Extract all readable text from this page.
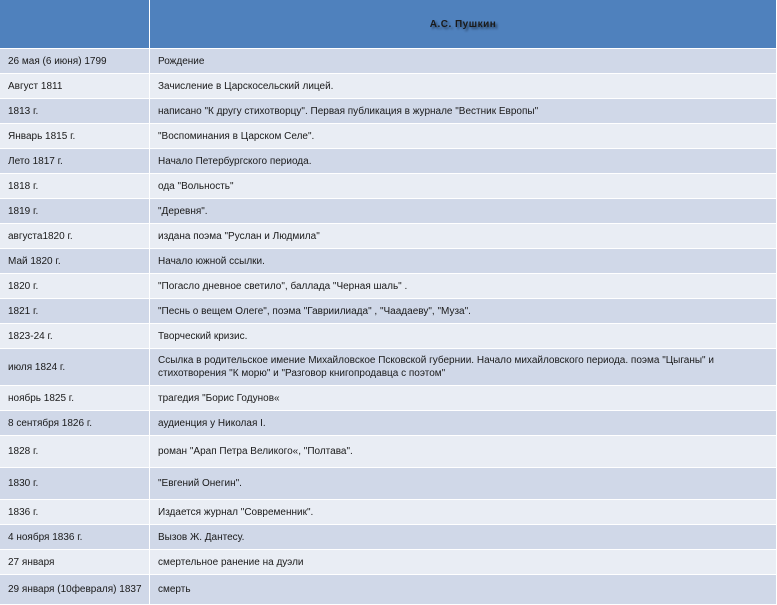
	А.С. Пушкин
26 мая (6 июня) 1799	Рождение
Август 1811	Зачисление в Царскосельский лицей.
1813 г.	написано "К другу стихотворцу". Первая публикация в журнале "Вестник Европы"
Январь 1815 г.	"Воспоминания в Царском Селе".
Лето 1817 г.	Начало Петербургского периода.
1818 г.	ода "Вольность"
1819 г.	"Деревня".
августа1820 г.	издана поэма "Руслан и Людмила"
Май 1820 г.	Начало южной ссылки.
1820 г.	"Погасло дневное светило", баллада "Черная шаль" .
1821 г.	"Песнь о вещем Олеге", поэма "Гавриилиада" , "Чаадаеву", "Муза".
1823-24 г.	Творческий кризис.
июля 1824 г.	Ссылка в родительское имение Михайловское Псковской губернии. Начало михайловского периода. поэма "Цыганы" и стихотворения "К морю" и "Разговор книгопродавца с поэтом"
ноябрь 1825 г.	трагедия "Борис Годунов«
8 сентября 1826 г.	аудиенция у Николая I.
1828 г.	роман "Арап Петра Великого«, "Полтава".
1830 г.	"Евгений Онегин".
1836 г.	Издается журнал "Современник".
4 ноября 1836 г.	Вызов Ж. Дантесу.
27 января	смертельное ранение на дуэли
29 января (10февраля) 1837	смерть
